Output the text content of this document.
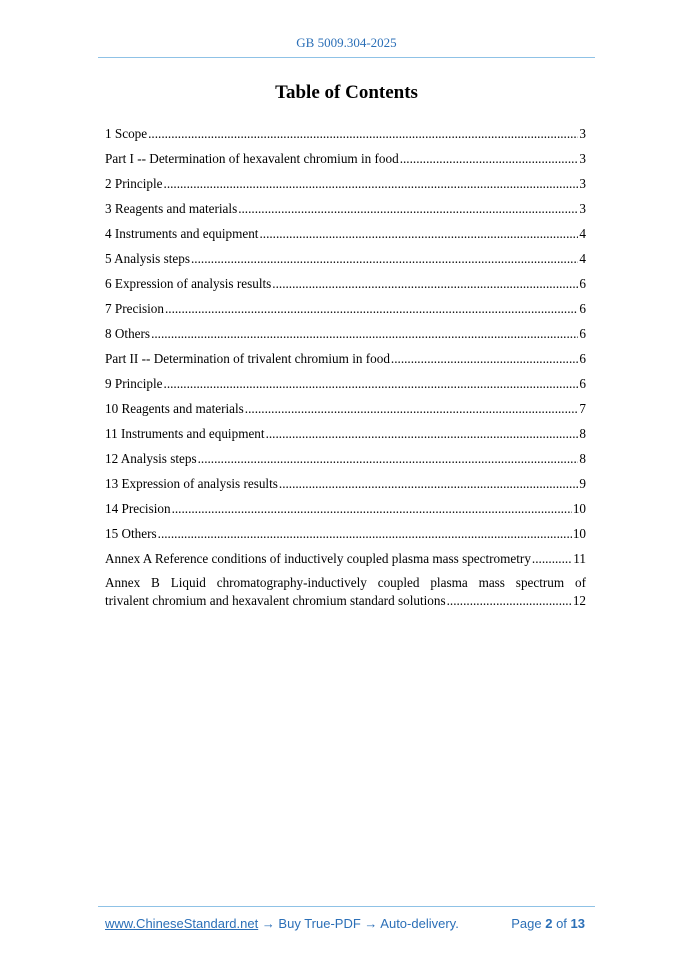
GB 5009.304-2025
Table of Contents
1 Scope .....	3
Part I -- Determination of hexavalent chromium in food .....	3
2 Principle .....	3
3 Reagents and materials .....	3
4 Instruments and equipment .....	4
5 Analysis steps .....	4
6 Expression of analysis results .....	6
7 Precision .....	6
8 Others .....	6
Part II -- Determination of trivalent chromium in food .....	6
9 Principle .....	6
10 Reagents and materials .....	7
11 Instruments and equipment .....	8
12 Analysis steps .....	8
13 Expression of analysis results .....	9
14 Precision .....	10
15 Others .....	10
Annex A Reference conditions of inductively coupled plasma mass spectrometry .....	11
Annex B Liquid chromatography-inductively coupled plasma mass spectrum of
trivalent chromium and hexavalent chromium standard solutions .....	12
www.ChineseStandard.net → Buy True-PDF → Auto-delivery.	Page 2 of 13
